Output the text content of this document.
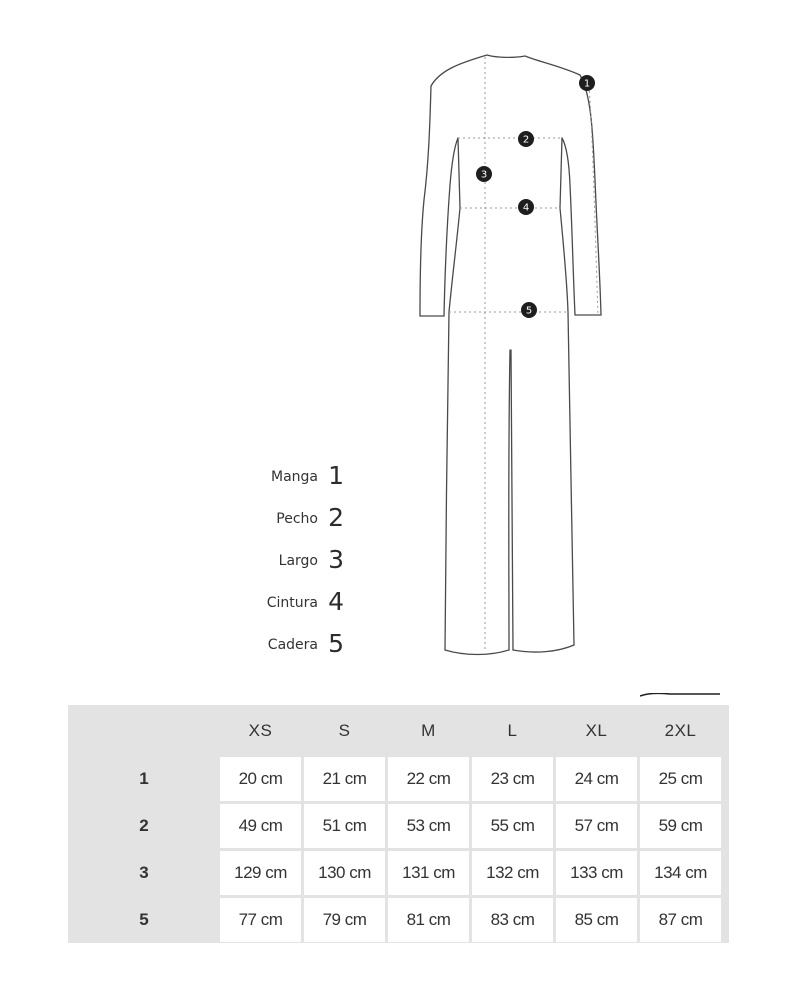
1
2
3
4
5
Manga 1
Pecho 2
Largo 3
Cintura 4
Cadera 5
	XS	S	M	L	XL	2XL
1	20 cm	21 cm	22 cm	23 cm	24 cm	25 cm
2	49 cm	51 cm	53 cm	55 cm	57 cm	59 cm
3	129 cm	130 cm	131 cm	132 cm	133 cm	134 cm
5	77 cm	79 cm	81 cm	83 cm	85 cm	87 cm
